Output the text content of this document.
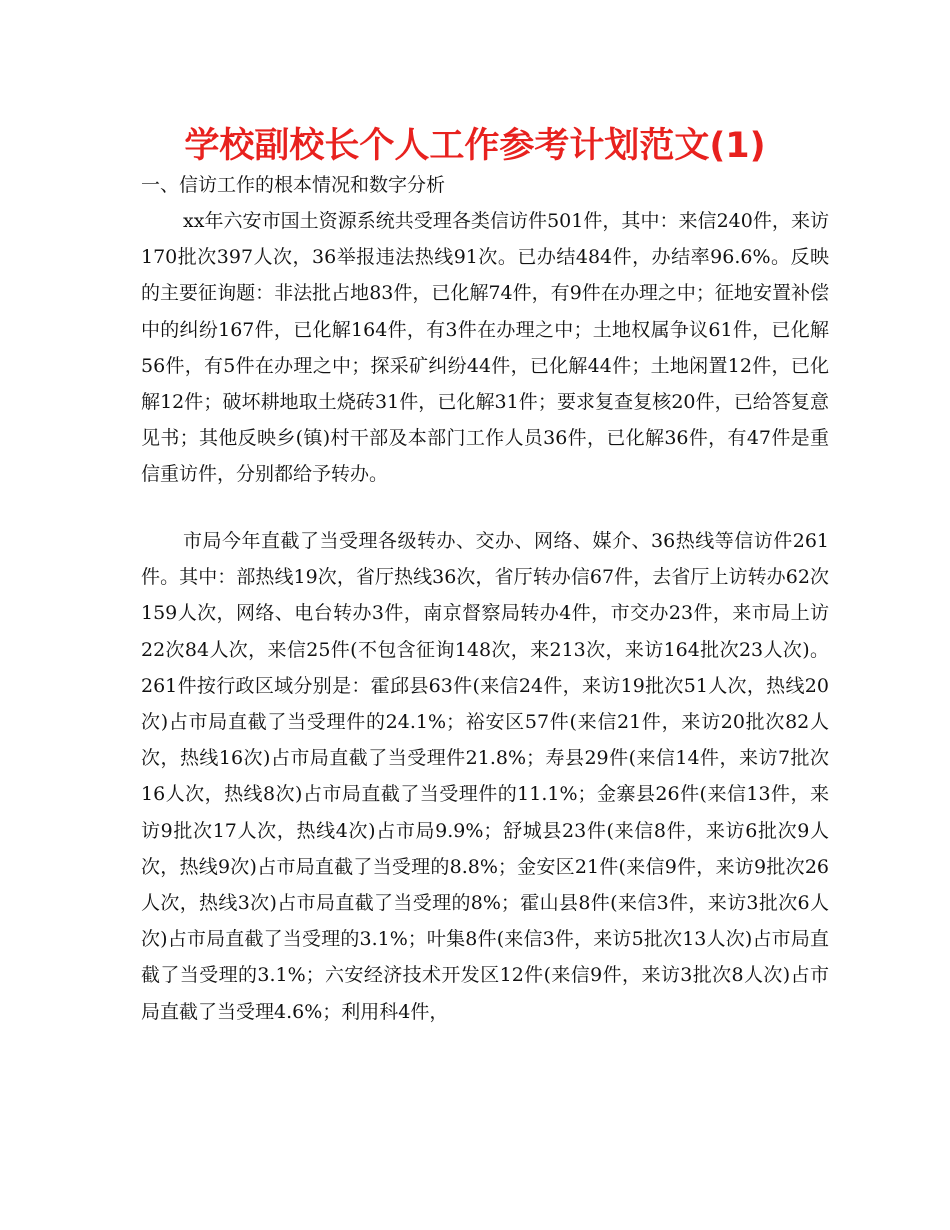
学校副校长个人工作参考计划范文(1)

一、信访工作的根本情况和数字分析

xx年六安市国土资源系统共受理各类信访件501件，其中：来信240件，来访170批次397人次，36举报违法热线91次。已办结484件，办结率96.6%。反映的主要征询题：非法批占地83件，已化解74件，有9件在办理之中；征地安置补偿中的纠纷167件，已化解164件，有3件在办理之中；土地权属争议61件，已化解56件，有5件在办理之中；探采矿纠纷44件，已化解44件；土地闲置12件，已化解12件；破坏耕地取土烧砖31件，已化解31件；要求复查复核20件，已给答复意见书；其他反映乡(镇)村干部及本部门工作人员36件，已化解36件，有47件是重信重访件，分别都给予转办。

市局今年直截了当受理各级转办、交办、网络、媒介、36热线等信访件261件。其中：部热线19次，省厅热线36次，省厅转办信67件，去省厅上访转办62次159人次，网络、电台转办3件，南京督察局转办4件，市交办23件，来市局上访22次84人次，来信25件(不包含征询148次，来213次，来访164批次23人次)。261件按行政区域分别是：霍邱县63件(来信24件，来访19批次51人次，热线20次)占市局直截了当受理件的24.1%；裕安区57件(来信21件，来访20批次82人次，热线16次)占市局直截了当受理件21.8%；寿县29件(来信14件，来访7批次16人次，热线8次)占市局直截了当受理件的11.1%；金寨县26件(来信13件，来访9批次17人次，热线4次)占市局9.9%；舒城县23件(来信8件，来访6批次9人次，热线9次)占市局直截了当受理的8.8%；金安区21件(来信9件，来访9批次26人次，热线3次)占市局直截了当受理的8%；霍山县8件(来信3件，来访3批次6人次)占市局直截了当受理的3.1%；叶集8件(来信3件，来访5批次13人次)占市局直截了当受理的3.1%；六安经济技术开发区12件(来信9件，来访3批次8人次)占市局直截了当受理4.6%；利用科4件，
